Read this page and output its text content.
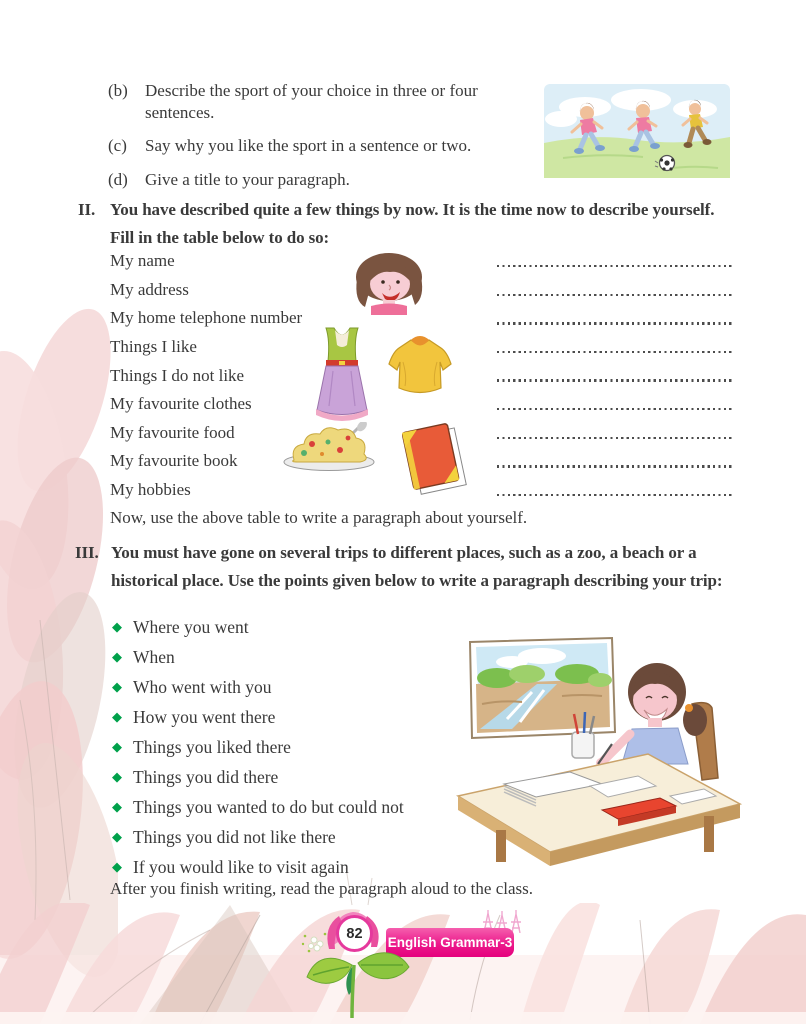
(b)	Describe the sport of your choice in three or four sentences.
(c)	Say why you like the sport in a sentence or two.
(d)	Give a title to your paragraph.
II. You have described quite a few things by now. It is the time now to describe yourself. Fill in the table below to do so:
My name
My address
My home telephone number
Things I like
Things I do not like
My favourite clothes
My favourite food
My favourite book
My hobbies
Now, use the above table to write a paragraph about yourself.
III. You must have gone on several trips to different places, such as a zoo, a beach or a historical place. Use the points given below to write a paragraph describing your trip:
◆ Where you went
◆ When
◆ Who went with you
◆ How you went there
◆ Things you liked there
◆ Things you did there
◆ Things you wanted to do but could not
◆ Things you did not like there
◆ If you would like to visit again
After you finish writing, read the paragraph aloud to the class.
English Grammar-3
82
